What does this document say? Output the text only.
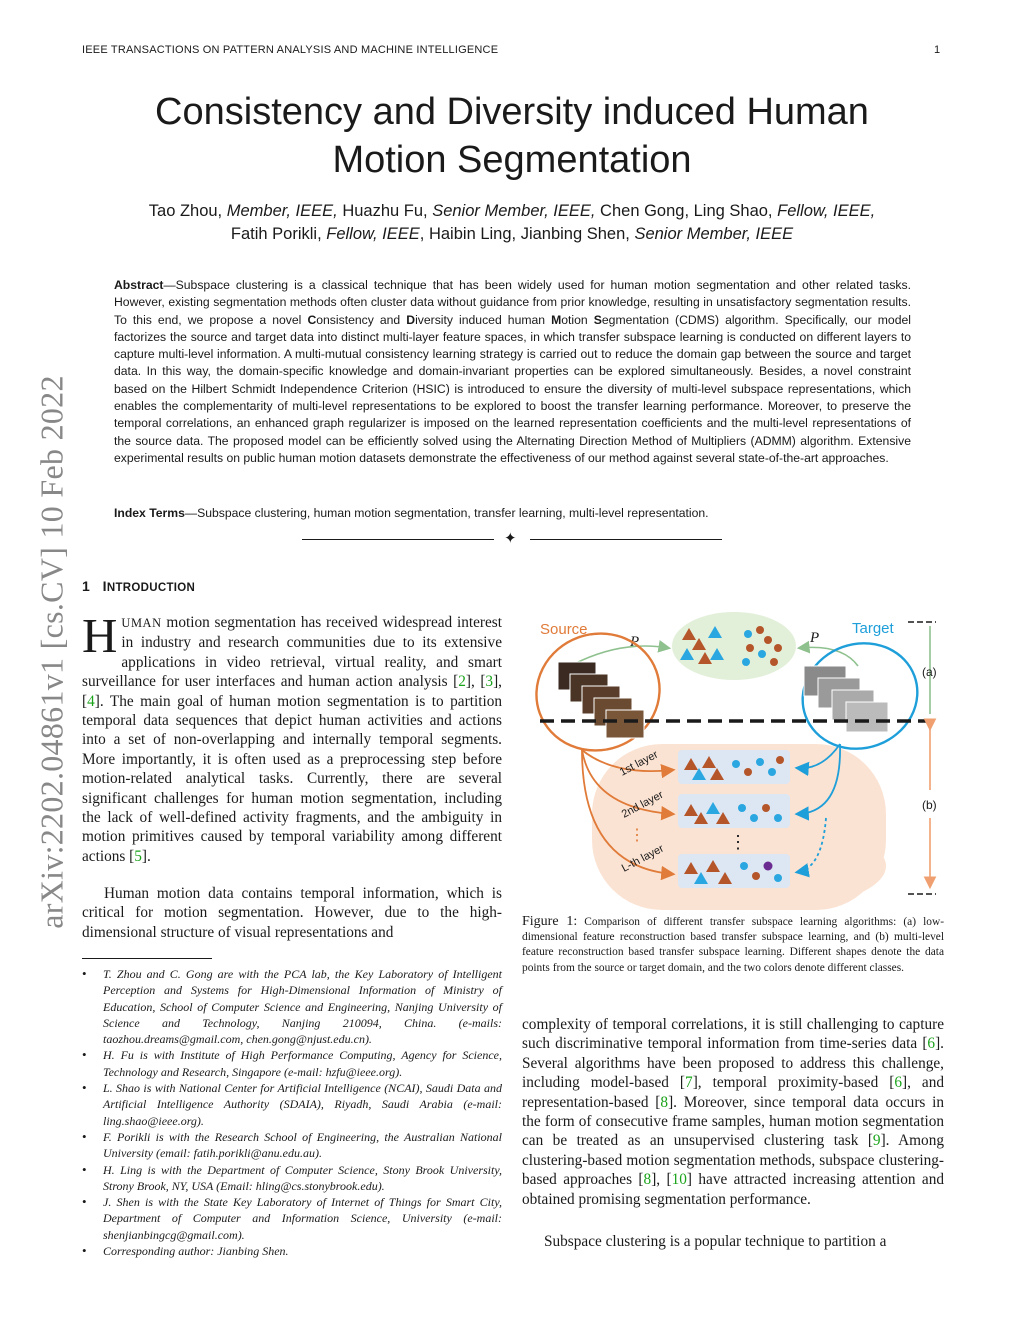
IEEE TRANSACTIONS ON PATTERN ANALYSIS AND MACHINE INTELLIGENCE	1
Consistency and Diversity induced Human
Motion Segmentation
Tao Zhou, Member, IEEE, Huazhu Fu, Senior Member, IEEE, Chen Gong, Ling Shao, Fellow, IEEE,
Fatih Porikli, Fellow, IEEE, Haibin Ling, Jianbing Shen, Senior Member, IEEE

Abstract—Subspace clustering is a classical technique that has been widely used for human motion segmentation and other related tasks. However, existing segmentation methods often cluster data without guidance from prior knowledge, resulting in unsatisfactory segmentation results. To this end, we propose a novel Consistency and Diversity induced human Motion Segmentation (CDMS) algorithm. Specifically, our model factorizes the source and target data into distinct multi-layer feature spaces, in which transfer subspace learning is conducted on different layers to capture multi-level information. A multi-mutual consistency learning strategy is carried out to reduce the domain gap between the source and target data. In this way, the domain-specific knowledge and domain-invariant properties can be explored simultaneously. Besides, a novel constraint based on the Hilbert Schmidt Independence Criterion (HSIC) is introduced to ensure the diversity of multi-level subspace representations, which enables the complementarity of multi-level representations to be explored to boost the transfer learning performance. Moreover, to preserve the temporal correlations, an enhanced graph regularizer is imposed on the learned representation coefficients and the multi-level representations of the source data. The proposed model can be efficiently solved using the Alternating Direction Method of Multipliers (ADMM) algorithm. Extensive experimental results on public human motion datasets demonstrate the effectiveness of our method against several state-of-the-art approaches.

Index Terms—Subspace clustering, human motion segmentation, transfer learning, multi-level representation.

✦
1 INTRODUCTION

HUMAN motion segmentation has received widespread interest in industry and research communities due to its extensive applications in video retrieval, virtual reality, and smart surveillance for user interfaces and human action analysis [2], [3], [4]. The main goal of human motion segmentation is to partition temporal data sequences that depict human activities and actions into a set of non-overlapping and internally temporal segments. More importantly, it is often used as a preprocessing step before motion-related analytical tasks. Currently, there are several significant challenges for human motion segmentation, including the lack of well-defined activity fragments, and the ambiguity in motion primitives caused by temporal variability among different actions [5].

Human motion data contains temporal information, which is critical for motion segmentation. However, due to the high-dimensional structure of visual representations and

• T. Zhou and C. Gong are with the PCA lab, the Key Laboratory of Intelligent Perception and Systems for High-Dimensional Information of Ministry of Education, School of Computer Science and Engineering, Nanjing University of Science and Technology, Nanjing 210094, China. (e-mails: taozhou.dreams@gmail.com, chen.gong@njust.edu.cn).
• H. Fu is with Institute of High Performance Computing, Agency for Science, Technology and Research, Singapore (e-mail: hzfu@ieee.org).
• L. Shao is with National Center for Artificial Intelligence (NCAI), Saudi Data and Artificial Intelligence Authority (SDAIA), Riyadh, Saudi Arabia (e-mail: ling.shao@ieee.org).
• F. Porikli is with the Research School of Engineering, the Australian National University (email: fatih.porikli@anu.edu.au).
• H. Ling is with the Department of Computer Science, Stony Brook University, Strony Brook, NY, USA (Email: hling@cs.stonybrook.edu).
• J. Shen is with the State Key Laboratory of Internet of Things for Smart City, Department of Computer and Information Science, University (e-mail: shenjianbingcg@gmail.com).
• Corresponding author: Jianbing Shen.
Source	Target
P	P
(a)
(b)
1st layer
2nd layer
L-th layer
⋮
⋮

Figure 1: Comparison of different transfer subspace learning algorithms: (a) low-dimensional feature reconstruction based transfer subspace learning, and (b) multi-level feature reconstruction based transfer subspace learning. Different shapes denote the data points from the source or target domain, and the two colors denote different classes.

complexity of temporal correlations, it is still challenging to capture such discriminative temporal information from time-series data [6]. Several algorithms have been proposed to address this challenge, including model-based [7], temporal proximity-based [6], and representation-based [8]. Moreover, since temporal data occurs in the form of consecutive frame samples, human motion segmentation can be treated as an unsupervised clustering task [9]. Among clustering-based motion segmentation methods, subspace clustering-based approaches [8], [10] have attracted increasing attention and obtained promising segmentation performance.

Subspace clustering is a popular technique to partition a

arXiv:2202.04861v1 [cs.CV] 10 Feb 2022
